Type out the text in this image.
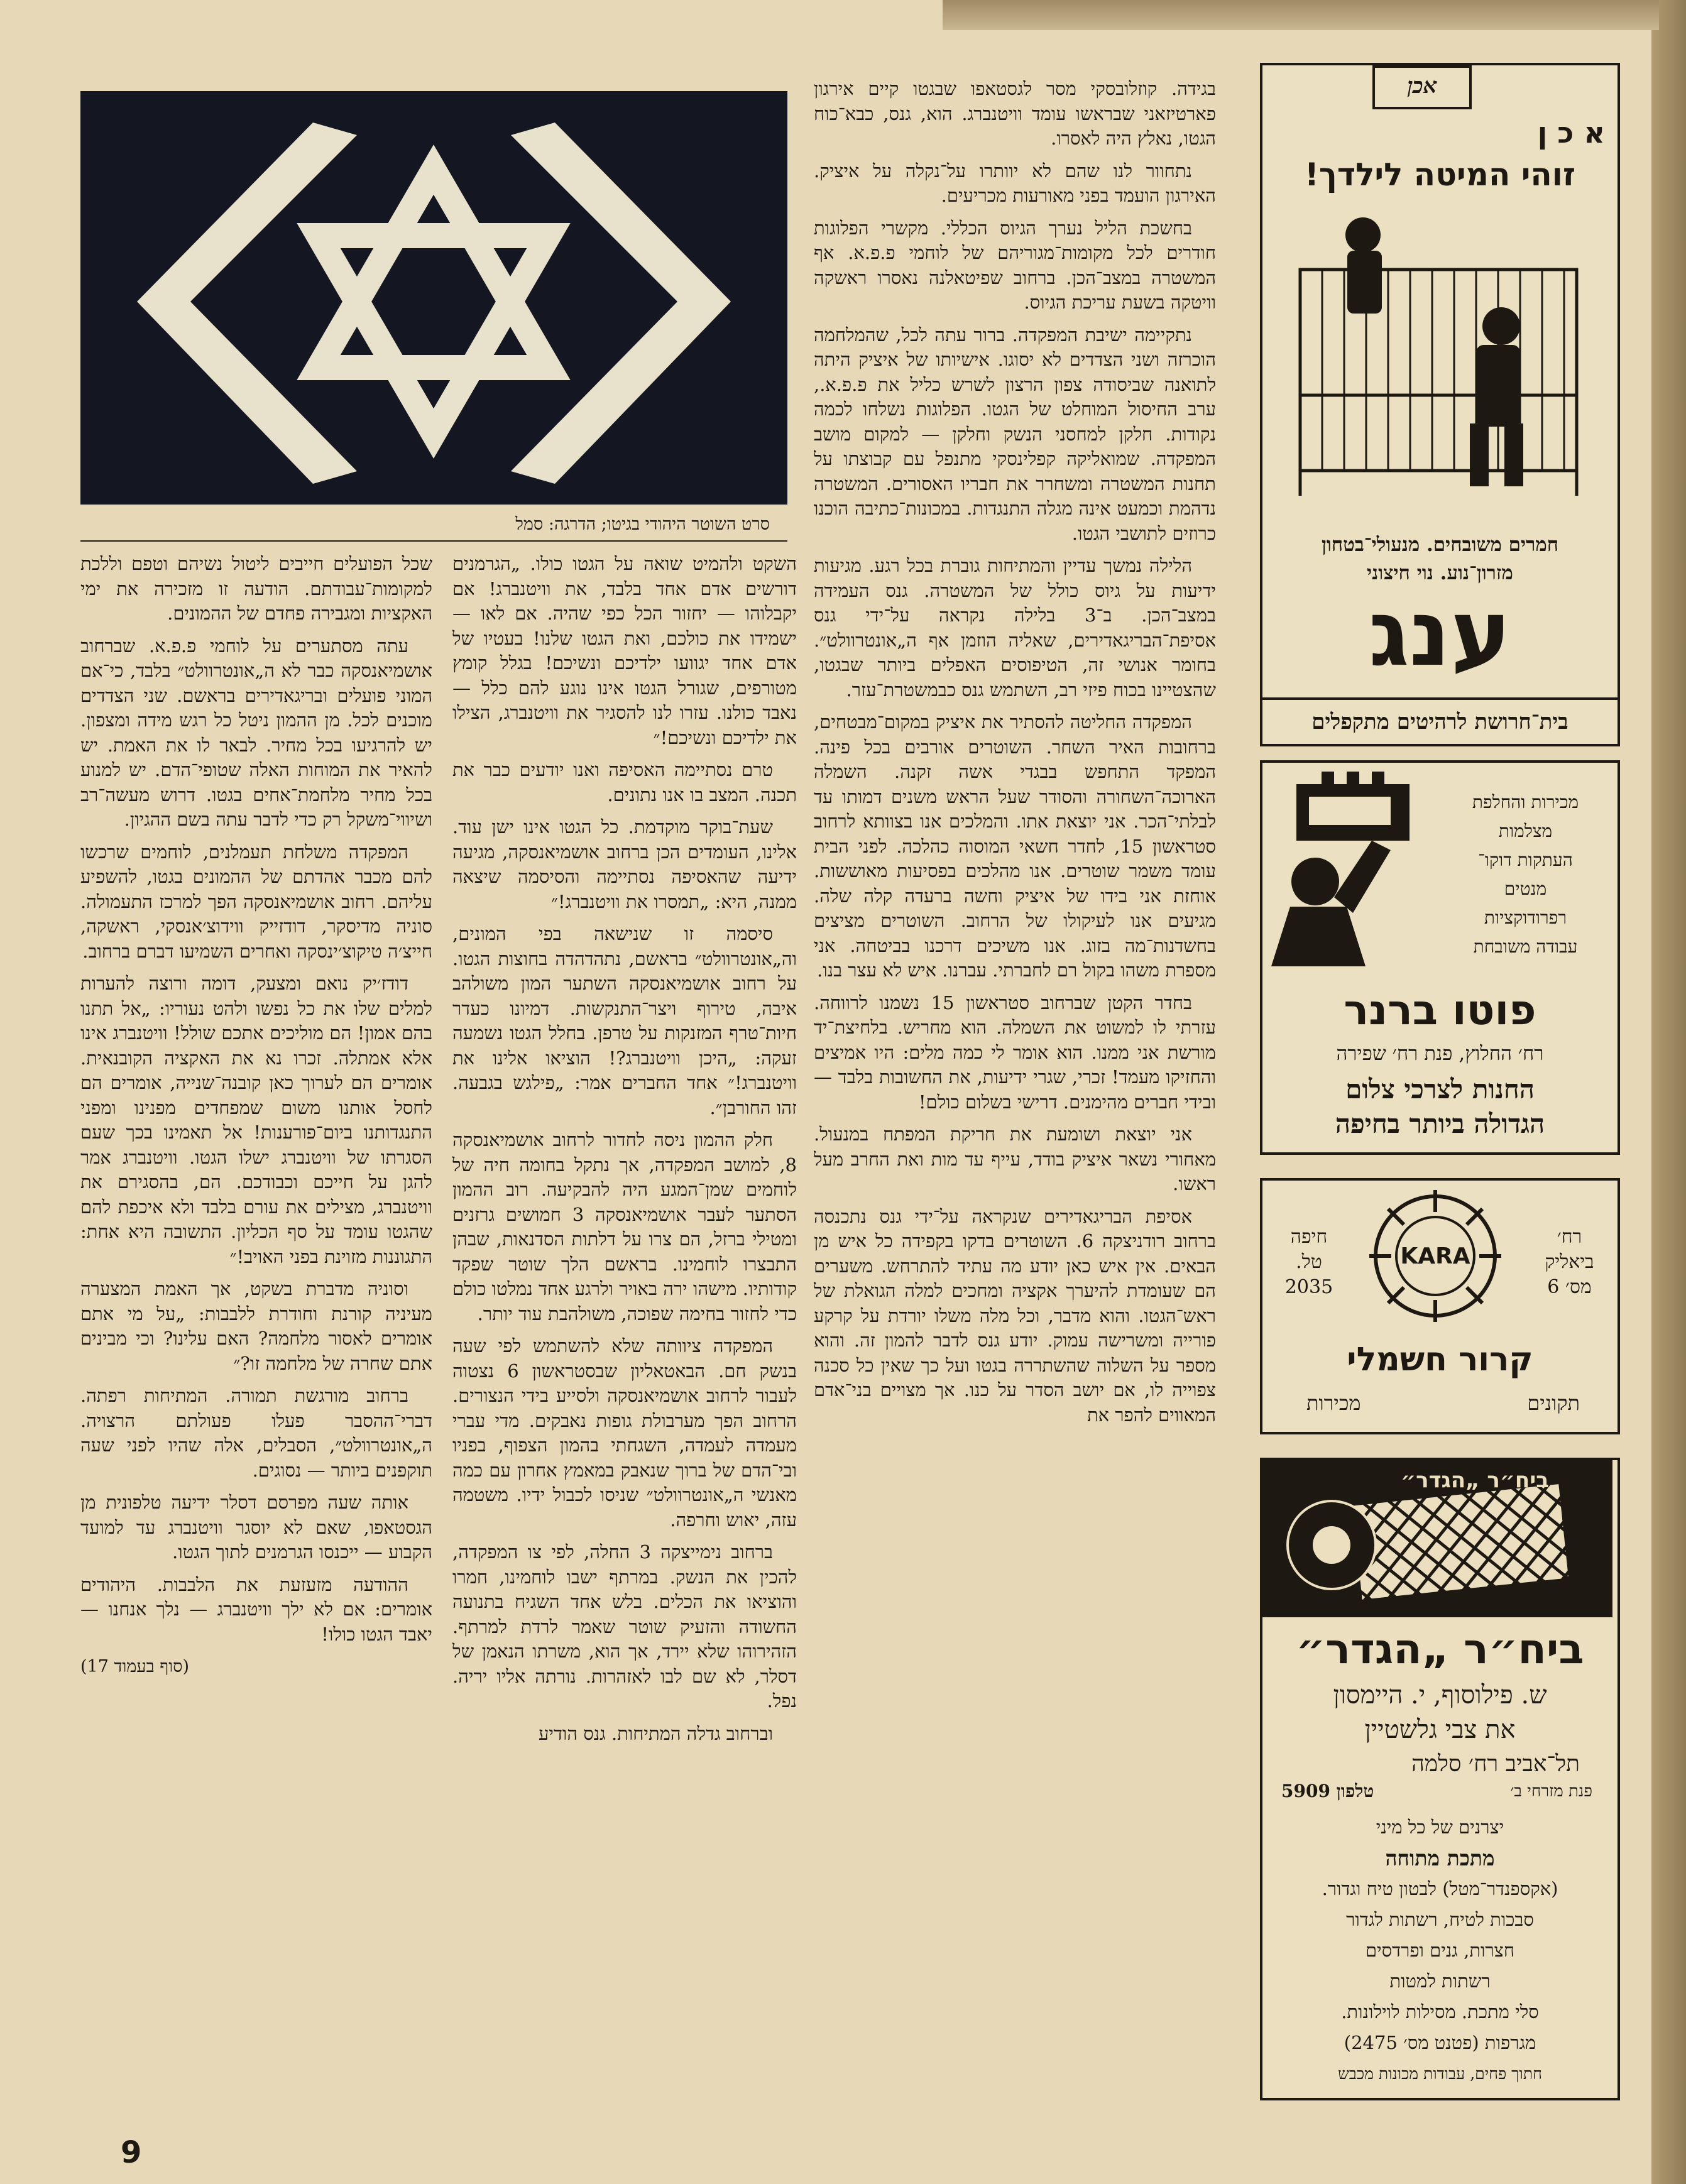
סרט השוטר היהודי בגיטו; הדרגה: סמל

בגידה. קוזלובסקי מסר לגסטאפו שבגטו קיים אירגון פארטיזאני שבראשו עומד וויטנברג. הוא, גנס, כבא־כוח הגטו, נאלץ היה לאסרו.

נתחוור לנו שהם לא יוותרו על־נקלה על איציק. האירגון הועמד בפני מאורעות מכריעים.

בחשכת הליל נערך הגיוס הכללי. מקשרי הפלוגות חודרים לכל מקומות־מגוריהם של לוחמי פ.פ.א. אף המשטרה במצב־הכן. ברחוב שפיטאלנה נאסרו ראשקה וויטקה בשעת עריכת הגיוס.

נתקיימה ישיבת המפקדה. ברור עתה לכל, שהמלחמה הוכרזה ושני הצדדים לא יסוגו. אישיותו של איציק היתה לתואנה שביסודה צפון הרצון לשרש כליל את פ.פ.א., ערב החיסול המוחלט של הגטו. הפלוגות נשלחו לכמה נקודות. חלקן למחסני הנשק וחלקן — למקום מושב המפקדה. שמואליקה קפלינסקי מתנפל עם קבוצתו על תחנות המשטרה ומשחרר את חבריו האסורים. המשטרה נדהמת וכמעט אינה מגלה התנגדות. במכונות־כתיבה הוכנו כרוזים לתושבי הגטו.

הלילה נמשך עדיין והמתיחות גוברת בכל רגע. מגיעות ידיעות על גיוס כולל של המשטרה. גנס העמידה במצב־הכן. ב־3 בלילה נקראה על־ידי גנס אסיפת־הבריגאדירים, שאליה הוזמן אף ה„אונטרוולט״. בחומר אנושי זה, הטיפוסים האפלים ביותר שבגטו, שהצטיינו בכוח פיזי רב, השתמש גנס כבמשטרת־עזר.

המפקדה החליטה להסתיר את איציק במקום־מבטחים, ברחובות האיר השחר. השוטרים אורבים בכל פינה. המפקד התחפש בבגדי אשה זקנה. השמלה הארוכה־השחורה והסודר שעל הראש משנים דמותו עד לבלתי־הכר. אני יוצאת אתו. והמלכים אנו בצוותא לרחוב סטראשון 15, לחדר חשאי המוסוה כהלכה. לפני הבית עומד משמר שוטרים. אנו מהלכים בפסיעות מאוששות. אוחזת אני בידו של איציק וחשה ברעדה קלה שלה. מגיעים אנו לעיקולו של הרחוב. השוטרים מציצים בחשדנות־מה בזוג. אנו משיכים דרכנו בביטחה. אני מספרת משהו בקול רם לחברתי. עברנו. איש לא עצר בנו.

בחדר הקטן שברחוב סטראשון 15 נשמנו לרווחה. עזרתי לו למשוט את השמלה. הוא מחריש. בלחיצת־יד מורשת אני ממנו. הוא אומר לי כמה מלים: היו אמיצים והחזיקו מעמד! זכרי, שגרי ידיעות, את החשובות בלבד — ובידי חברים מהימנים. דרישי בשלום כולם!

אני יוצאת ושומעת את חריקת המפתח במנעול. מאחורי נשאר איציק בודד, עייף עד מות ואת החרב מעל ראשו.

אסיפת הבריגאדירים שנקראה על־ידי גנס נתכנסה ברחוב רודניצקה 6. השוטרים בדקו בקפידה כל איש מן הבאים. אין איש כאן יודע מה עתיד להתרחש. משערים הם שעומדת להיערך אקציה ומחכים למלה הגואלת של ראש־הגטו. והוא מדבר, וכל מלה משלו יורדת על קרקע פורייה ומשרישה עמוק. יודע גנס לדבר להמון זה. והוא מספר על השלוה שהשתררה בגטו ועל כך שאין כל סכנה צפוייה לו, אם יושב הסדר על כנו. אך מצויים בני־אדם המאווים להפר את

השקט ולהמיט שואה על הגטו כולו. „הגרמנים דורשים אדם אחד בלבד, את וויטנברג! אם יקבלוהו — יחזור הכל כפי שהיה. אם לאו — ישמידו את כולכם, ואת הגטו שלנו! בעטיו של אדם אחד יגוועו ילדיכם ונשיכם! בגלל קומץ מטורפים, שגורל הגטו אינו נוגע להם כלל — נאבד כולנו. עזרו לנו להסגיר את וויטנברג, הצילו את ילדיכם ונשיכם!״

טרם נסתיימה האסיפה ואנו יודעים כבר את תכנה. המצב בו אנו נתונים.

שעת־בוקר מוקדמת. כל הגטו אינו ישן עוד. אלינו, העומדים הכן ברחוב אושמיאנסקה, מגיעה ידיעה שהאסיפה נסתיימה והסיסמה שיצאה ממנה, היא: „תמסרו את וויטנברג!״

סיסמה זו שנישאה בפי המונים, וה„אונטרוולט״ בראשם, נתהדהדה בחוצות הגטו. על רחוב אושמיאנסקה השתער המון משולהב איבה, טירוף ויצר־התנקשות. דמיונו כעדר חיות־טרף המזנקות על טרפן. בחלל הגטו נשמעה זעקה: „היכן וויטנברג?! הוציאו אלינו את וויטנברג!״ אחד החברים אמר: „פילגש בגבעה. זהו החורבן״.

חלק ההמון ניסה לחדור לרחוב אושמיאנסקה 8, למושב המפקדה, אך נתקל בחומה חיה של לוחמים שמן־המגע היה להבקיעה. רוב ההמון הסתער לעבר אושמיאנסקה 3 חמושים גרזנים ומטילי ברזל, הם צרו על דלתות הסדנאות, שבהן התבצרו לוחמינו. בראשם הלך שוטר שפקד קודותיו. מישהו ירה באויר ולרגע אחד נמלטו כולם כדי לחזור בחימה שפוכה, משולהבת עוד יותר.

המפקדה ציוותה שלא להשתמש לפי שעה בנשק חם. הבאטאליון שבסטראשון 6 נצטוה לעבור לרחוב אושמיאנסקה ולסייע בידי הנצורים. הרחוב הפך מערבולת גופות נאבקים. מדי עברי מעמדה לעמדה, השגחתי בהמון הצפוף, בפניו ובי־הדם של ברוך שנאבק במאמץ אחרון עם כמה מאנשי ה„אונטרוולט״ שניסו לכבול ידיו. משטמה עזה, יאוש וחרפה.

ברחוב נימייצקה 3 החלה, לפי צו המפקדה, להכין את הנשק. במרתף ישבו לוחמינו, חמרו והוציאו את הכלים. בלש אחד השגיח בתנועה החשודה והזעיק שוטר שאמר לרדת למרתף. הזהירוהו שלא יירד, אך הוא, משרתו הנאמן של דסלר, לא שם לבו לאזהרות. נורתה אליו יריה. נפל.

וברחוב גדלה המתיחות. גנס הודיע

שכל הפועלים חייבים ליטול נשיהם וטפם וללכת למקומות־עבודתם. הודעה זו מזכירה את ימי האקציות ומגבירה פחדם של ההמונים.

עתה מסתערים על לוחמי פ.פ.א. שברחוב אושמיאנסקה כבר לא ה„אונטרוולט״ בלבד, כי־אם המוני פועלים ובריגאדירים בראשם. שני הצדדים מוכנים לכל. מן ההמון ניטל כל רגש מידה ומצפון. יש להרגיעו בכל מחיר. לבאר לו את האמת. יש להאיר את המוחות האלה שטופי־הדם. יש למנוע בכל מחיר מלחמת־אחים בגטו. דרוש מעשה־רב ושיווי־משקל רק כדי לדבר עתה בשם ההגיון.

המפקדה משלחת תעמלנים, לוחמים שרכשו להם מכבר אהדתם של ההמונים בגטו, להשפיע עליהם. רחוב אושמיאנסקה הפך למרכז התעמולה. סוניה מדיסקר, דודזייק ווידוצ׳אנסקי, ראשקה, חייצ׳ה טיקוצ׳ינסקה ואחרים השמיעו דברם ברחוב.

דודז׳יק נואם ומצעק, דומה ורוצה להערות למלים שלו את כל נפשו ולהט נעוריו: „אל תתנו בהם אמון! הם מוליכים אתכם שולל! וויטנברג אינו אלא אמתלה. זכרו נא את האקציה הקובנאית. אומרים הם לערוך כאן קובנה־שנייה, אומרים הם לחסל אותנו משום שמפחדים מפנינו ומפני התנגדותנו ביום־פורענות! אל תאמינו בכך שעם הסגרתו של וויטנברג ישלו הגטו. וויטנברג אמר להגן על חייכם וכבודכם. הם, בהסגירם את וויטנברג, מצילים את עורם בלבד ולא איכפת להם שהגטו עומד על סף הכליון. התשובה היא אחת: התגוננות מזוינת בפני האויב!״

וסוניה מדברת בשקט, אך האמת המצערה מעיניה קורנת וחודרת ללבבות: „על מי אתם אומרים לאסור מלחמה? האם עלינו? וכי מבינים אתם שחרה של מלחמה זו?״

ברחוב מורגשת תמורה. המתיחות רפתה. דברי־ההסבר פעלו פעולתם הרצויה. ה„אונטרוולט״, הסבלים, אלה שהיו לפני שעה תוקפנים ביותר — נסוגים.

אותה שעה מפרסם דסלר ידיעה טלפונית מן הגסטאפו, שאם לא יוסגר וויטנברג עד למועד הקבוע — ייכנסו הגרמנים לתוך הגטו.

ההודעה מזעזעת את הלבבות. היהודים אומרים: אם לא ילך וויטנברג — נלך אנחנו — יאבד הגטו כולו!

(סוף בעמוד 17)
אכן
א כ ן
זוהי המיטה לילדך!
חמרים משובחים. מנעולי־בטחון
מזרון־נוע. נוי חיצוני
ענג
בית־חרושת לרהיטים מתקפלים
מכירות והחלפת
מצלמות
העתקות דוקו־
מנטים
רפרודוקציות
עבודה משובחת
פוטו ברנר
רח׳ החלוץ, פנת רח׳ שפירה
החנות לצרכי צלום
הגדולה ביותר בחיפה
חיפה
טל. 2035
KARA
רח׳ ביאליק
מס׳ 6
קרור חשמלי
תקונים
מכירות
ביח״ר „הגדר״
ביח״ר „הגדר״
ש. פילוסוף, י. היימסון
את צבי גלשטיין
תל־אביב רח׳ סלמה
פנת מזרחי ב׳
טלפון 5909
יצרנים של כל מיני
מתכת מתוחה
(אקספנדר־מטל) לבטון טיח וגדור.
סבכות לטיח, רשתות לגדור
חצרות, גנים ופרדסים
רשתות למטות
סלי מתכת. מסילות לוילונות.
מגרפות (פטנט מס׳ 2475)
חתוך פחים, עבודות מכונות מכבש
9
